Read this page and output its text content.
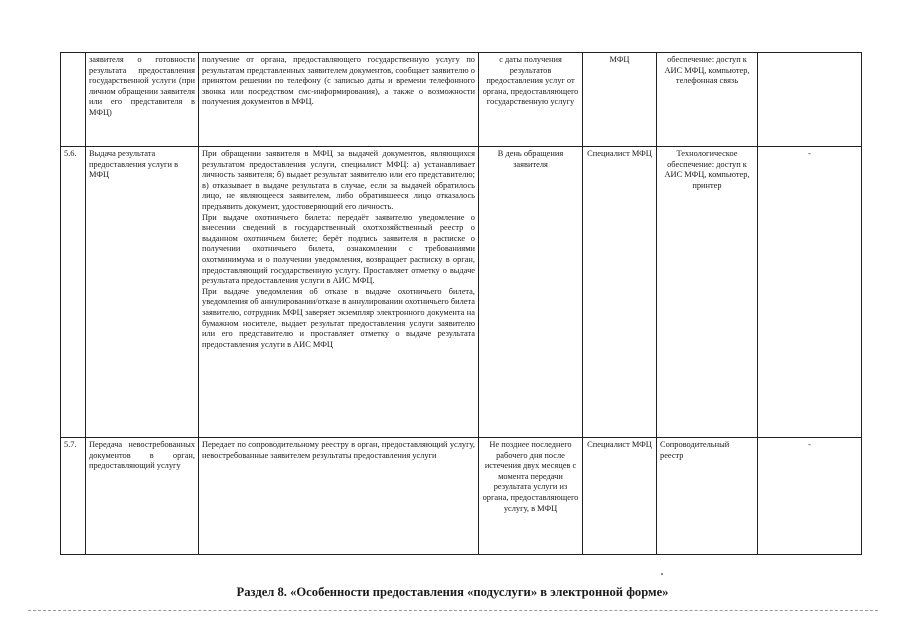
	заявителя о готовности результата предоставления государственной услуги (при личном обращении заявителя или его представителя в МФЦ)	получение от органа, предоставляющего государственную услугу по результатам представленных заявителем документов, сообщает заявителю о принятом решении по телефону (с записью даты и времени телефонного звонка или посредством смс-информирования), а также о возможности получения документов в МФЦ.	с даты получения результатов предоставления услуг от органа, предоставляющего государственную услугу	МФЦ	обеспечение: доступ к АИС МФЦ, компьютер, телефонная связь	
5.6.	Выдача результата предоставления услуги в МФЦ	При обращении заявителя в МФЦ за выдачей документов, являющихся результатом предоставления услуги, специалист МФЦ: а) устанавливает личность заявителя; б) выдает результат заявителю или его представителю; в) отказывает в выдаче результата в случае, если за выдачей обратилось лицо, не являющееся заявителем, либо обратившееся лицо отказалось предъявить документ, удостоверяющий его личность.
При выдаче охотничьего билета: передаёт заявителю уведомление о внесении сведений в государственный охотхозяйственный реестр о выданном охотничьем билете; берёт подпись заявителя в расписке о получении охотничьего билета, ознакомлении с требованиями охотминимума и о получении уведомления, возвращает расписку в орган, предоставляющий государственную услугу. Проставляет отметку о выдаче результата предоставления услуги в АИС МФЦ.
При выдаче уведомления об отказе в выдаче охотничьего билета, уведомления об аннулировании/отказе в аннулировании охотничьего билета заявителю, сотрудник МФЦ заверяет экземпляр электронного документа на бумажном носителе, выдает результат предоставления услуги заявителю или его представителю и проставляет отметку о выдаче результата предоставления услуги в АИС МФЦ	В день обращения заявителя	Специалист МФЦ	Технологическое обеспечение: доступ к АИС МФЦ, компьютер, принтер	-
5.7.	Передача невостребованных документов в орган, предоставляющий услугу	Передает по сопроводительному реестру в орган, предоставляющий услугу, невостребованные заявителем результаты предоставления услуги	Не позднее последнего рабочего дня после истечения двух месяцев с момента передачи результата услуги из органа, предоставляющего услугу, в МФЦ	Специалист МФЦ	Сопроводительный реестр	-
Раздел 8. «Особенности предоставления «подуслуги» в электронной форме»
